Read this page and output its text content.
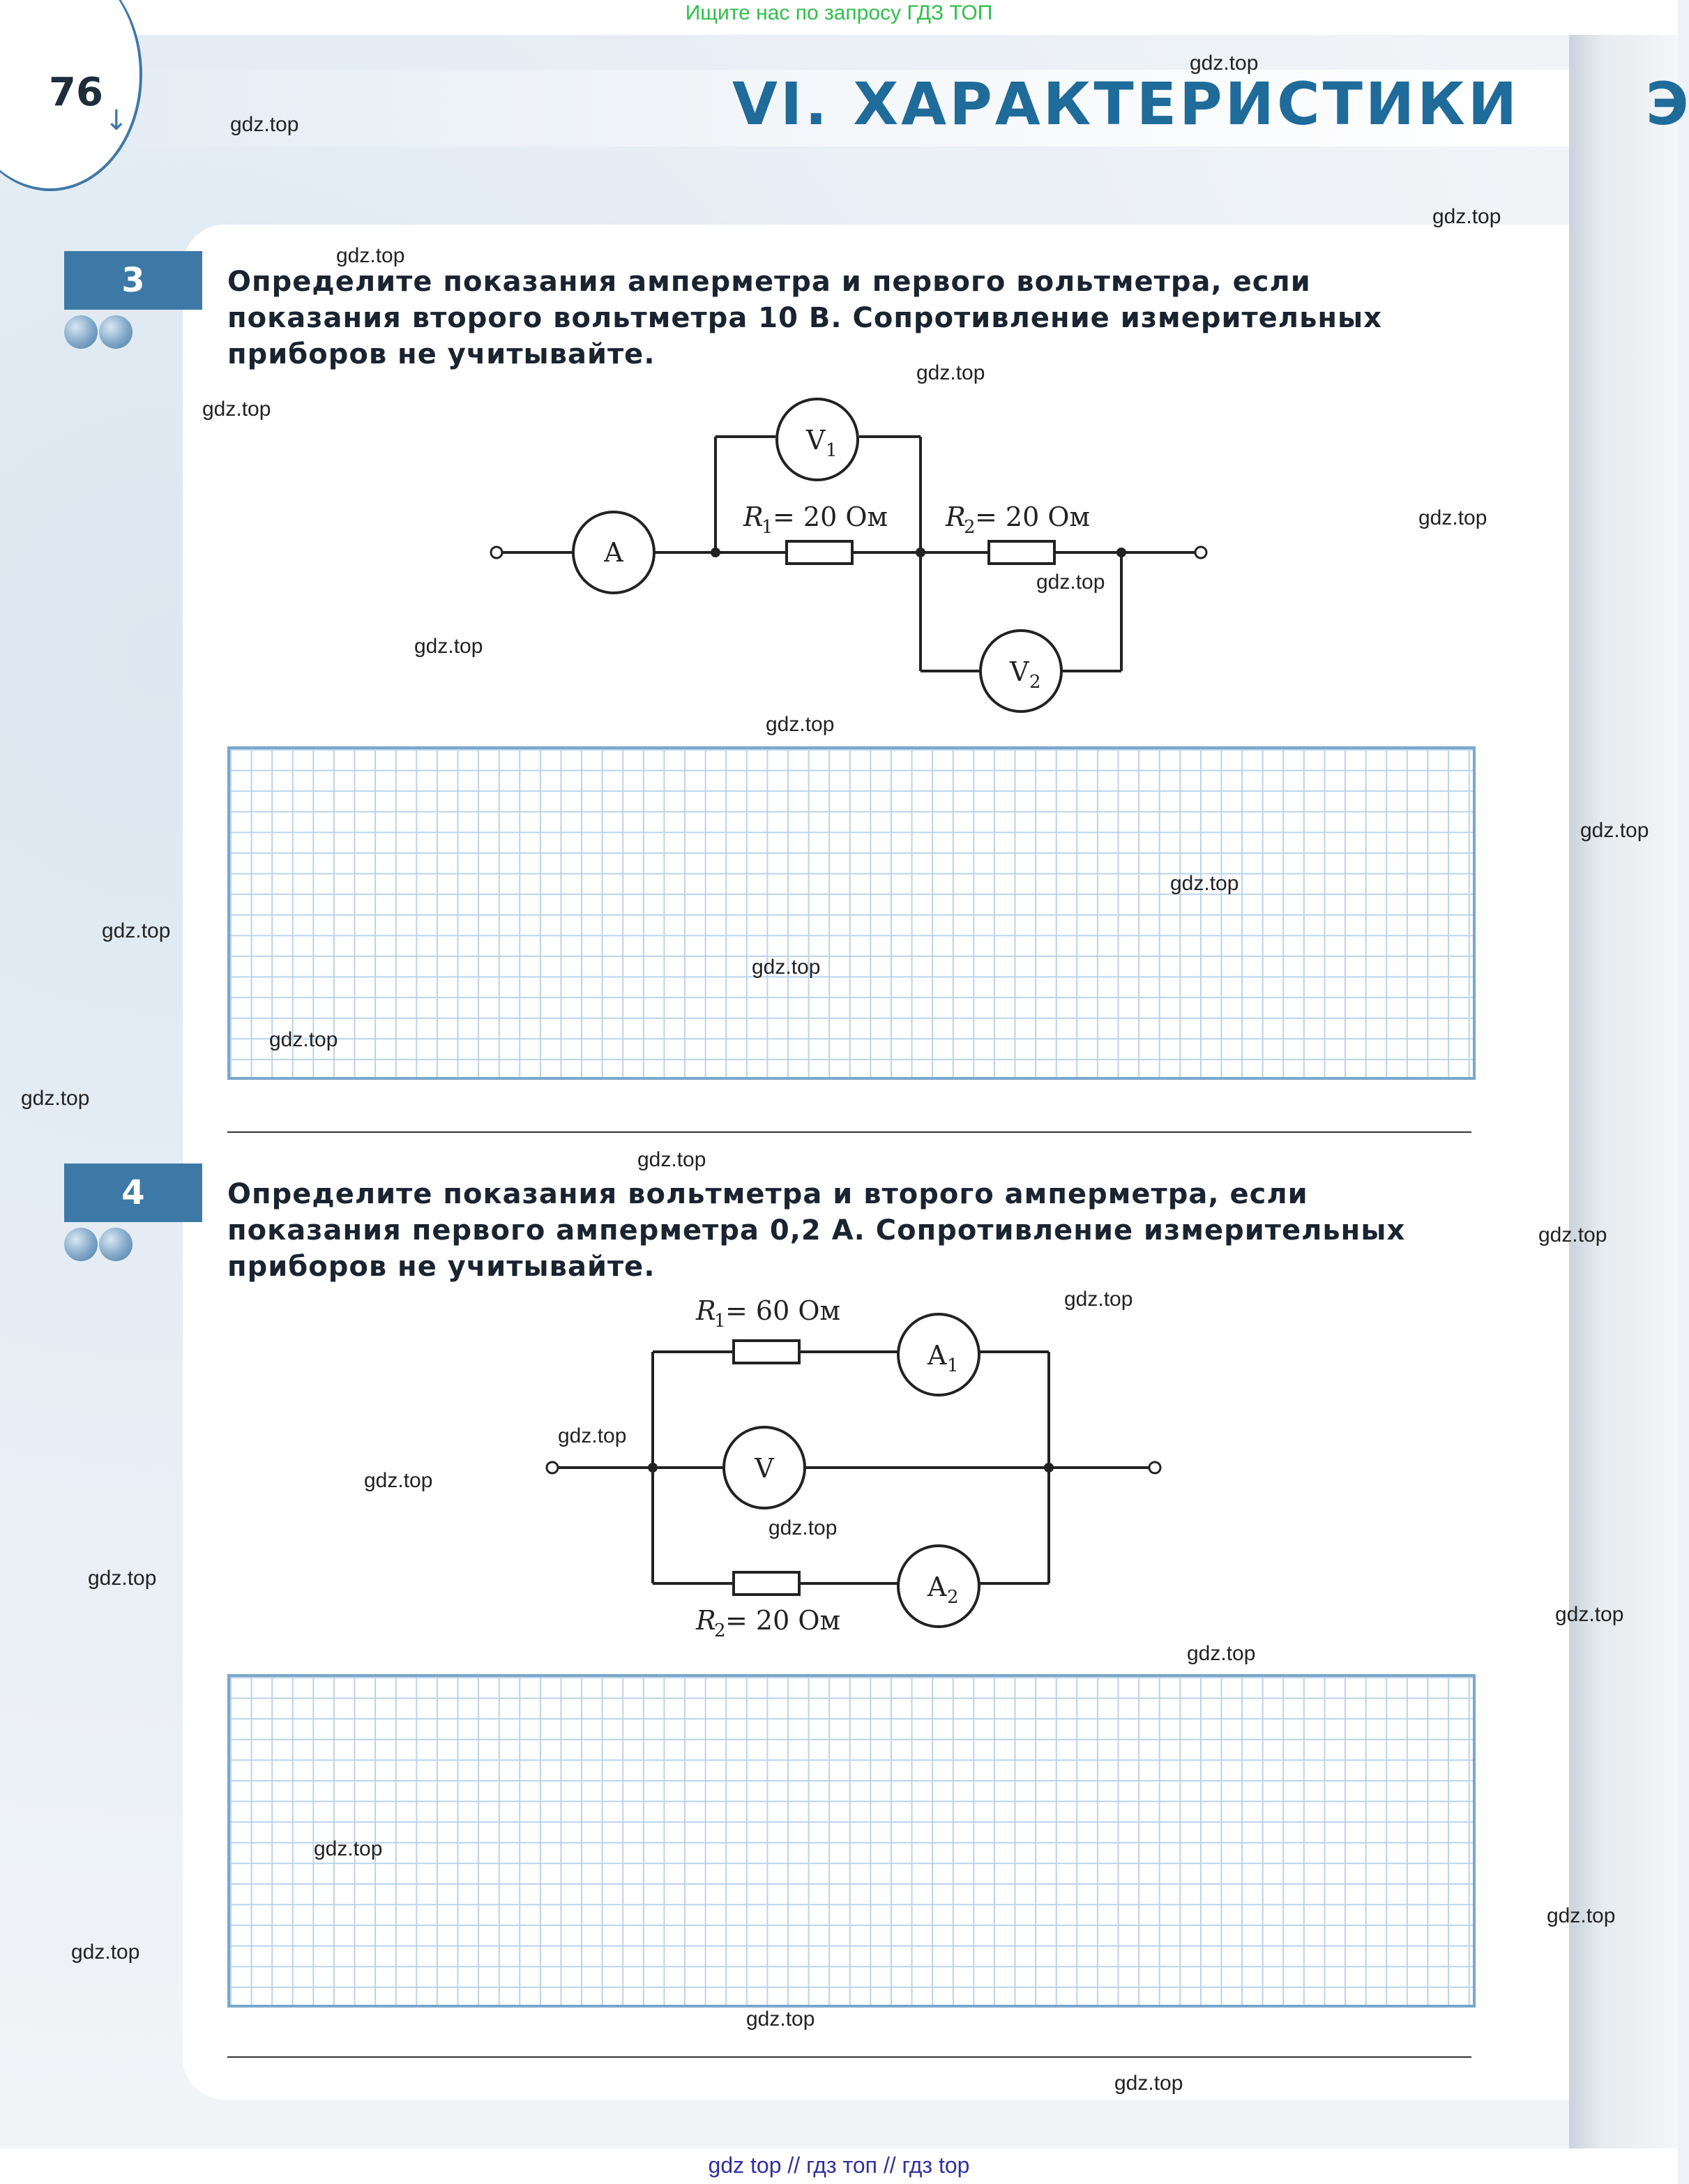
Ищите нас по запросу ГДЗ ТОП
76
↓	VI. ХАРАКТЕРИСТИКИ Э
3	Определите показания амперметра и первого вольтметра, если
показания второго вольтметра 10 В. Сопротивление измерительных
приборов не учитывайте.
A
V 1
V 2
R
1 = 20 Ом R
2 = 20 Ом
4	Определите показания вольтметра и второго амперметра, если
показания первого амперметра 0,2 А. Сопротивление измерительных
приборов не учитывайте.
A 1
V
A 2
R
1 = 60 Ом
R
2 = 20 Ом
gdz.top
gdz.top
gdz.top
gdz.top
gdz.top
gdz.top
gdz.top
gdz.top
gdz.top
gdz.top
gdz.top
gdz.top
gdz.top
gdz.top
gdz.top
gdz.top
gdz.top
gdz.top
gdz.top
gdz.top
gdz.top
gdz.top
gdz.top
gdz.top
gdz.top
gdz.top
gdz.top
gdz.top
gdz.top
gdz.top
gdz top // гдз топ // гдз top
